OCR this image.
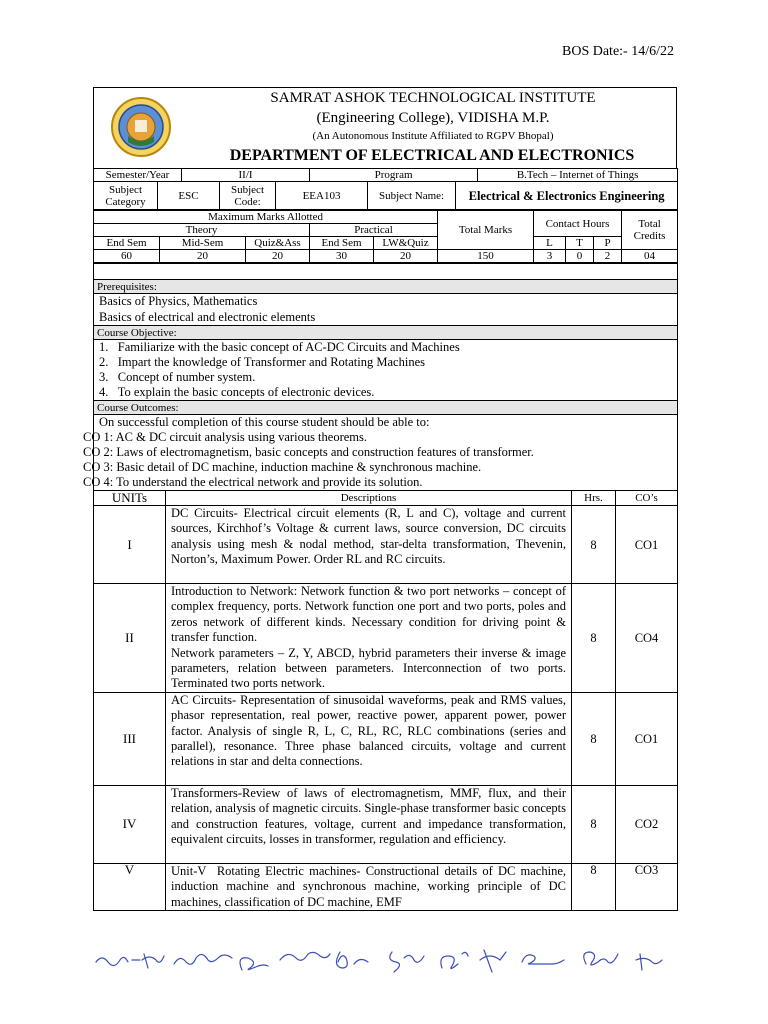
BOS Date:- 14/6/22
SAMRAT ASHOK TECHNOLOGICAL INSTITUTE
(Engineering College), VIDISHA M.P.
(An Autonomous Institute Affiliated to RGPV Bhopal)
DEPARTMENT OF ELECTRICAL AND ELECTRONICS
Semester/Year		II/I			Program			B.Tech – Internet of Things
Subject Category	ESC		Subject Code:	EEA103		Subject Name:	Electrical & Electronics Engineering	
Maximum Marks Allotted					Total Marks	Contact Hours			Total Credits
Theory			Practical						
End Sem	Mid-Sem	Quiz&Ass	End Sem	LW&Quiz		L	T	P	
60	20	20	30	20	150	3	0	2	04

Prerequisites:			

Basics of Physics, Mathematics
Basics of electrical and electronic elements			

Course Objective:			

1.   Familiarize with the basic concept of AC-DC Circuits and Machines
2.   Impart the knowledge of Transformer and Rotating Machines
3.   Concept of number system.
4.   To explain the basic concepts of electronic devices.			

Course Outcomes:			
On successful completion of this course student should be able to:
CO 1: AC & DC circuit analysis using various theorems.
CO 2: Laws of electromagnetism, basic concepts and construction features of transformer.
CO 3: Basic detail of DC machine, induction machine & synchronous machine.
CO 4: To understand the electrical network and provide its solution.			

UNITs	Descriptions	Hrs.	CO’s
I	DC Circuits- Electrical circuit elements (R, L and C), voltage and current sources, Kirchhof’s Voltage & current laws, source conversion, DC circuits analysis using mesh & nodal method, star-delta transformation, Thevenin, Norton’s, Maximum Power. Order RL and RC circuits.	8	CO1
II	Introduction to Network: Network function & two port networks – concept of complex frequency, ports. Network function one port and two ports, poles and zeros network of different kinds. Necessary condition for driving point & transfer function.
Network parameters – Z, Y, ABCD, hybrid parameters their inverse & image parameters, relation between parameters. Interconnection of two ports. Terminated two ports network.	8	CO4
III	AC Circuits- Representation of sinusoidal waveforms, peak and RMS values, phasor representation, real power, reactive power, apparent power, power factor. Analysis of single R, L, C, RL, RC, RLC combinations (series and parallel), resonance. Three phase balanced circuits, voltage and current relations in star and delta connections.	8	CO1
IV	Transformers-Review of laws of electromagnetism, MMF, flux, and their relation, analysis of magnetic circuits. Single-phase transformer basic concepts and construction features, voltage, current and impedance transformation, equivalent circuits, losses in transformer, regulation and efficiency.	8	CO2
V	Unit-V  Rotating Electric machines- Constructional details of DC machine, induction machine and synchronous machine, working principle of DC machines, classification of DC machine, EMF	8	CO3
